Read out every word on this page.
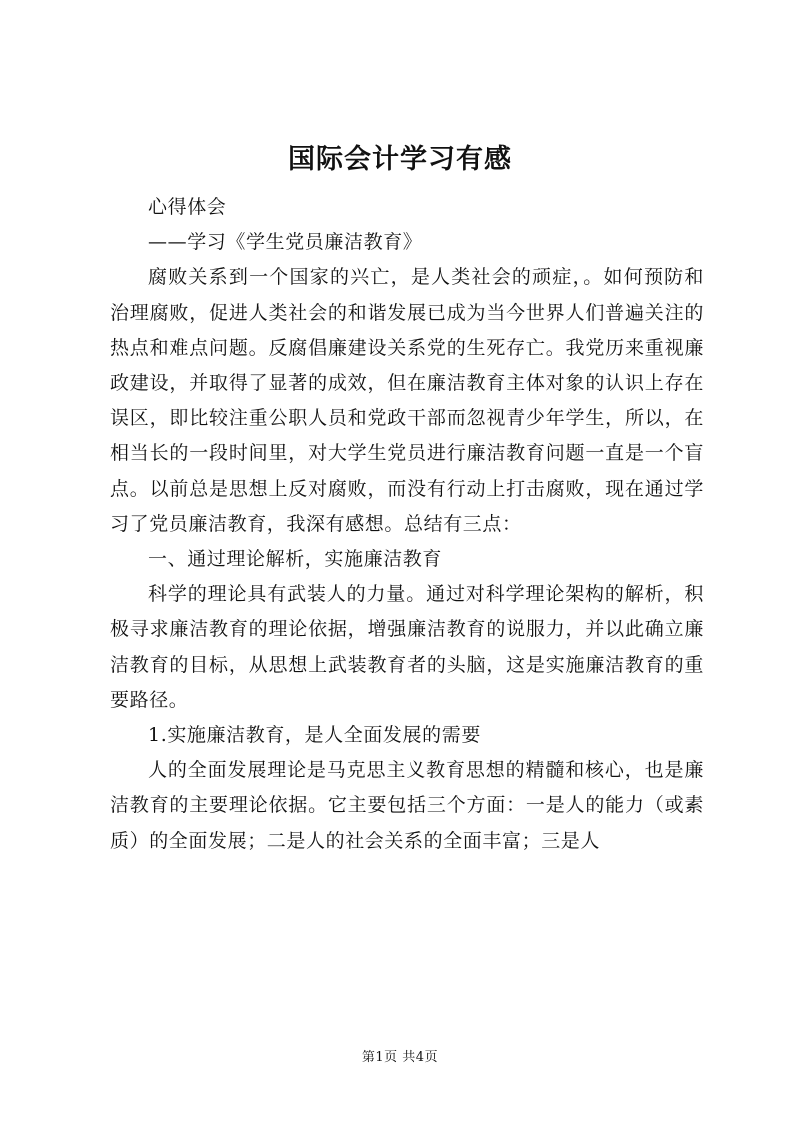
国际会计学习有感

心得体会

——学习《学生党员廉洁教育》

腐败关系到一个国家的兴亡，是人类社会的顽症，。如何预防和治理腐败，促进人类社会的和谐发展已成为当今世界人们普遍关注的热点和难点问题。反腐倡廉建设关系党的生死存亡。我党历来重视廉政建设，并取得了显著的成效，但在廉洁教育主体对象的认识上存在误区，即比较注重公职人员和党政干部而忽视青少年学生，所以，在相当长的一段时间里，对大学生党员进行廉洁教育问题一直是一个盲点。以前总是思想上反对腐败，而没有行动上打击腐败，现在通过学习了党员廉洁教育，我深有感想。总结有三点：

一、通过理论解析，实施廉洁教育

科学的理论具有武装人的力量。通过对科学理论架构的解析，积极寻求廉洁教育的理论依据，增强廉洁教育的说服力，并以此确立廉洁教育的目标，从思想上武装教育者的头脑，这是实施廉洁教育的重要路径。

1.实施廉洁教育，是人全面发展的需要

人的全面发展理论是马克思主义教育思想的精髓和核心，也是廉洁教育的主要理论依据。它主要包括三个方面：一是人的能力（或素质）的全面发展；二是人的社会关系的全面丰富；三是人

第1页 共4页
